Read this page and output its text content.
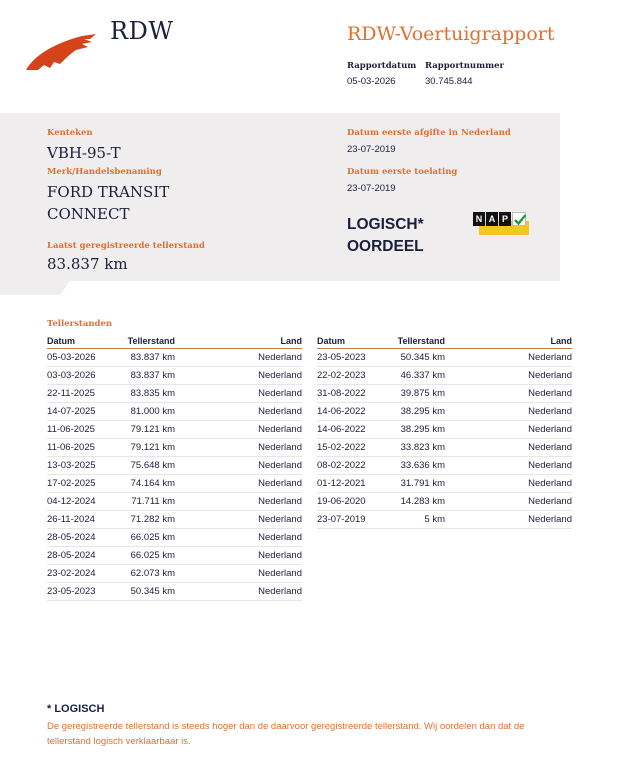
RDW	RDW-Voertuigrapport
Rapportdatum
05-03-2026
Rapportnummer
30.745.844
Kenteken
VBH-95-T
Merk/Handelsbenaming
FORD TRANSIT
CONNECT
Laatst geregistreerde tellerstand
83.837 km
Datum eerste afgifte in Nederland
23-07-2019
Datum eerste toelating
23-07-2019
LOGISCH*
OORDEEL
N A P
Tellerstanden
Datum	Tellerstand	Land
05-03-2026	83.837 km	Nederland
03-03-2026	83.837 km	Nederland
22-11-2025	83.835 km	Nederland
14-07-2025	81.000 km	Nederland
11-06-2025	79.121 km	Nederland
11-06-2025	79.121 km	Nederland
13-03-2025	75.648 km	Nederland
17-02-2025	74.164 km	Nederland
04-12-2024	71.711 km	Nederland
26-11-2024	71.282 km	Nederland
28-05-2024	66.025 km	Nederland
28-05-2024	66.025 km	Nederland
23-02-2024	62.073 km	Nederland
23-05-2023	50.345 km	Nederland
Datum	Tellerstand	Land
23-05-2023	50.345 km	Nederland
22-02-2023	46.337 km	Nederland
31-08-2022	39.875 km	Nederland
14-06-2022	38.295 km	Nederland
14-06-2022	38.295 km	Nederland
15-02-2022	33.823 km	Nederland
08-02-2022	33.636 km	Nederland
01-12-2021	31.791 km	Nederland
19-06-2020	14.283 km	Nederland
23-07-2019	5 km	Nederland
* LOGISCH
De geregistreerde tellerstand is steeds hoger dan de daarvoor geregistreerde tellerstand. Wij oordelen dan dat de tellerstand logisch verklaarbaar is.
